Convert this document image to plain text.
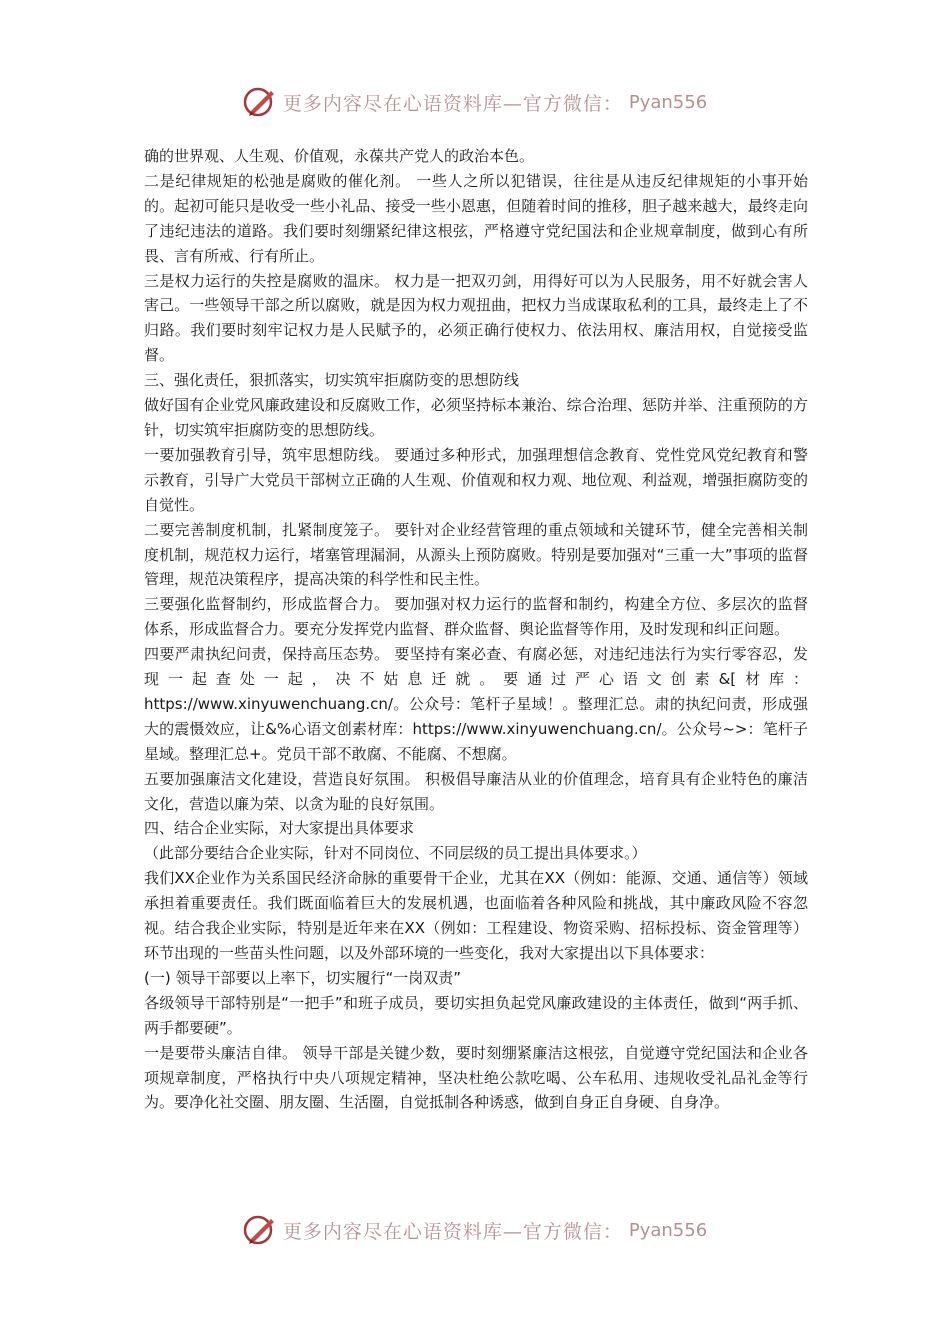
更多内容尽在心语资料库—官方微信： Pyan556

确的世界观、人生观、价值观，永葆共产党人的政治本色。

二是纪律规矩的松弛是腐败的催化剂。 一些人之所以犯错误，往往是从违反纪律规矩的小事开始的。起初可能只是收受一些小礼品、接受一些小恩惠，但随着时间的推移，胆子越来越大，最终走向了违纪违法的道路。我们要时刻绷紧纪律这根弦，严格遵守党纪国法和企业规章制度，做到心有所畏、言有所戒、行有所止。

三是权力运行的失控是腐败的温床。 权力是一把双刃剑，用得好可以为人民服务，用不好就会害人害己。一些领导干部之所以腐败，就是因为权力观扭曲，把权力当成谋取私利的工具，最终走上了不归路。我们要时刻牢记权力是人民赋予的，必须正确行使权力、依法用权、廉洁用权，自觉接受监督。

三、强化责任，狠抓落实，切实筑牢拒腐防变的思想防线

做好国有企业党风廉政建设和反腐败工作，必须坚持标本兼治、综合治理、惩防并举、注重预防的方针，切实筑牢拒腐防变的思想防线。

一要加强教育引导，筑牢思想防线。 要通过多种形式，加强理想信念教育、党性党风党纪教育和警示教育，引导广大党员干部树立正确的人生观、价值观和权力观、地位观、利益观，增强拒腐防变的自觉性。

二要完善制度机制，扎紧制度笼子。 要针对企业经营管理的重点领域和关键环节，健全完善相关制度机制，规范权力运行，堵塞管理漏洞，从源头上预防腐败。特别是要加强对“三重一大”事项的监督管理，规范决策程序，提高决策的科学性和民主性。

三要强化监督制约，形成监督合力。 要加强对权力运行的监督和制约，构建全方位、多层次的监督体系，形成监督合力。要充分发挥党内监督、群众监督、舆论监督等作用，及时发现和纠正问题。

四要严肃执纪问责，保持高压态势。 要坚持有案必查、有腐必惩，对违纪违法行为实行零容忍，发现一起查处一起，决不姑息迁就。要通过严心语文创素&[材库：https://www.xinyuwenchuang.cn/。公众号：笔杆子星域！。整理汇总。肃的执纪问责，形成强大的震慑效应，让&%心语文创素材库：https://www.xinyuwenchuang.cn/。公众号~>：笔杆子星域。整理汇总+。党员干部不敢腐、不能腐、不想腐。

五要加强廉洁文化建设，营造良好氛围。 积极倡导廉洁从业的价值理念，培育具有企业特色的廉洁文化，营造以廉为荣、以贪为耻的良好氛围。

四、结合企业实际，对大家提出具体要求

（此部分要结合企业实际，针对不同岗位、不同层级的员工提出具体要求。）

我们XX企业作为关系国民经济命脉的重要骨干企业，尤其在XX（例如：能源、交通、通信等）领域承担着重要责任。我们既面临着巨大的发展机遇，也面临着各种风险和挑战，其中廉政风险不容忽视。结合我企业实际，特别是近年来在XX（例如：工程建设、物资采购、招标投标、资金管理等）环节出现的一些苗头性问题，以及外部环境的一些变化，我对大家提出以下具体要求：

(一) 领导干部要以上率下，切实履行“一岗双责”

各级领导干部特别是“一把手”和班子成员，要切实担负起党风廉政建设的主体责任，做到“两手抓、两手都要硬”。

一是要带头廉洁自律。 领导干部是关键少数，要时刻绷紧廉洁这根弦，自觉遵守党纪国法和企业各项规章制度，严格执行中央八项规定精神，坚决杜绝公款吃喝、公车私用、违规收受礼品礼金等行为。要净化社交圈、朋友圈、生活圈，自觉抵制各种诱惑，做到自身正自身硬、自身净。

更多内容尽在心语资料库—官方微信： Pyan556
